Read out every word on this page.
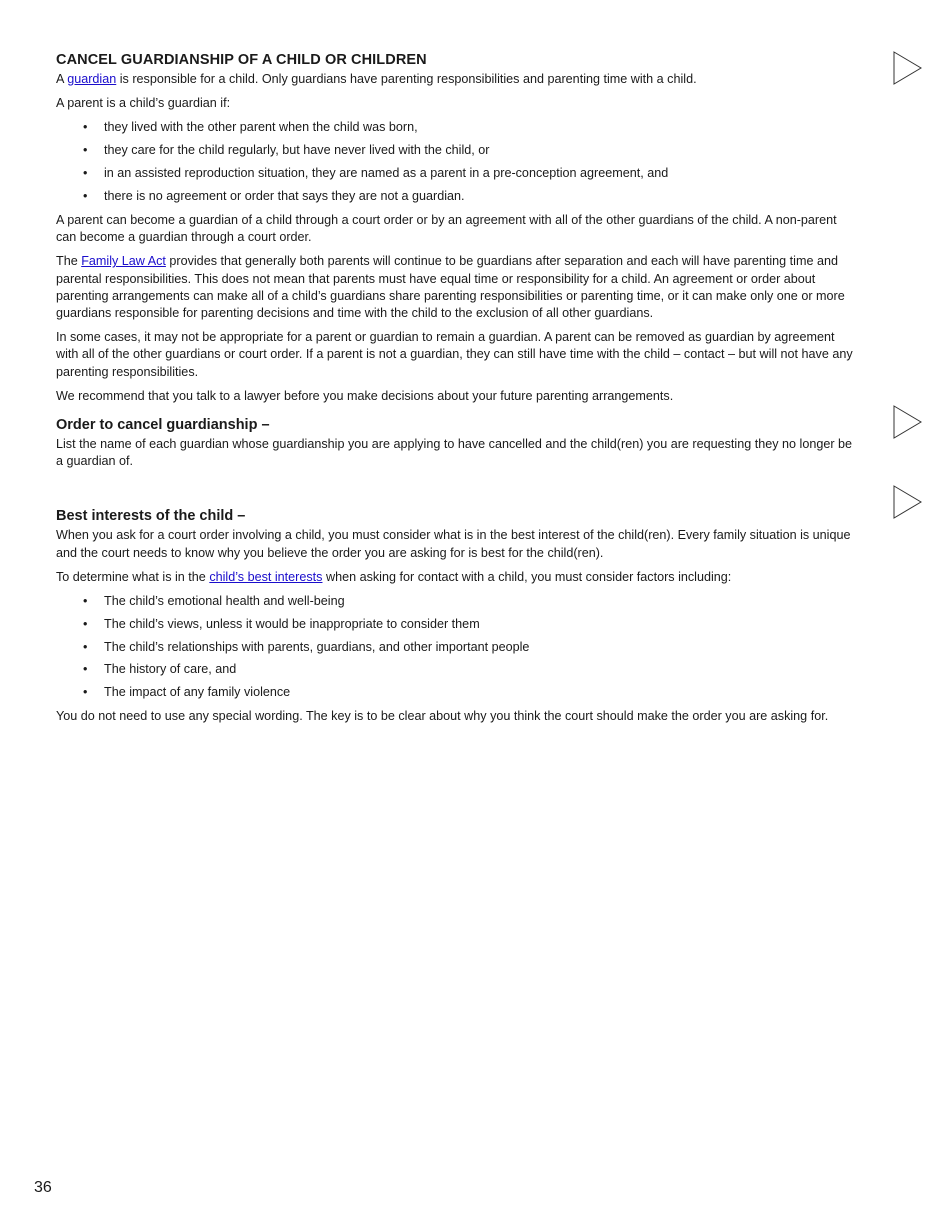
CANCEL GUARDIANSHIP OF A CHILD OR CHILDREN

A guardian is responsible for a child. Only guardians have parenting responsibilities and parenting time with a child.

A parent is a child’s guardian if:

• they lived with the other parent when the child was born,
• they care for the child regularly, but have never lived with the child, or
• in an assisted reproduction situation, they are named as a parent in a pre-conception agreement, and
• there is no agreement or order that says they are not a guardian.

A parent can become a guardian of a child through a court order or by an agreement with all of the other guardians of the child. A non-parent can become a guardian through a court order.

The Family Law Act provides that generally both parents will continue to be guardians after separation and each will have parenting time and parental responsibilities. This does not mean that parents must have equal time or responsibility for a child. An agreement or order about parenting arrangements can make all of a child’s guardians share parenting responsibilities or parenting time, or it can make only one or more guardians responsible for parenting decisions and time with the child to the exclusion of all other guardians.

In some cases, it may not be appropriate for a parent or guardian to remain a guardian. A parent can be removed as guardian by agreement with all of the other guardians or court order. If a parent is not a guardian, they can still have time with the child – contact – but will not have any parenting responsibilities.

We recommend that you talk to a lawyer before you make decisions about your future parenting arrangements.

Order to cancel guardianship –

List the name of each guardian whose guardianship you are applying to have cancelled and the child(ren) you are requesting they no longer be a guardian of.

Best interests of the child –

When you ask for a court order involving a child, you must consider what is in the best interest of the child(ren). Every family situation is unique and the court needs to know why you believe the order you are asking for is best for the child(ren).

To determine what is in the child’s best interests when asking for contact with a child, you must consider factors including:

• The child’s emotional health and well-being
• The child’s views, unless it would be inappropriate to consider them
• The child’s relationships with parents, guardians, and other important people
• The history of care, and
• The impact of any family violence

You do not need to use any special wording. The key is to be clear about why you think the court should make the order you are asking for.

36
